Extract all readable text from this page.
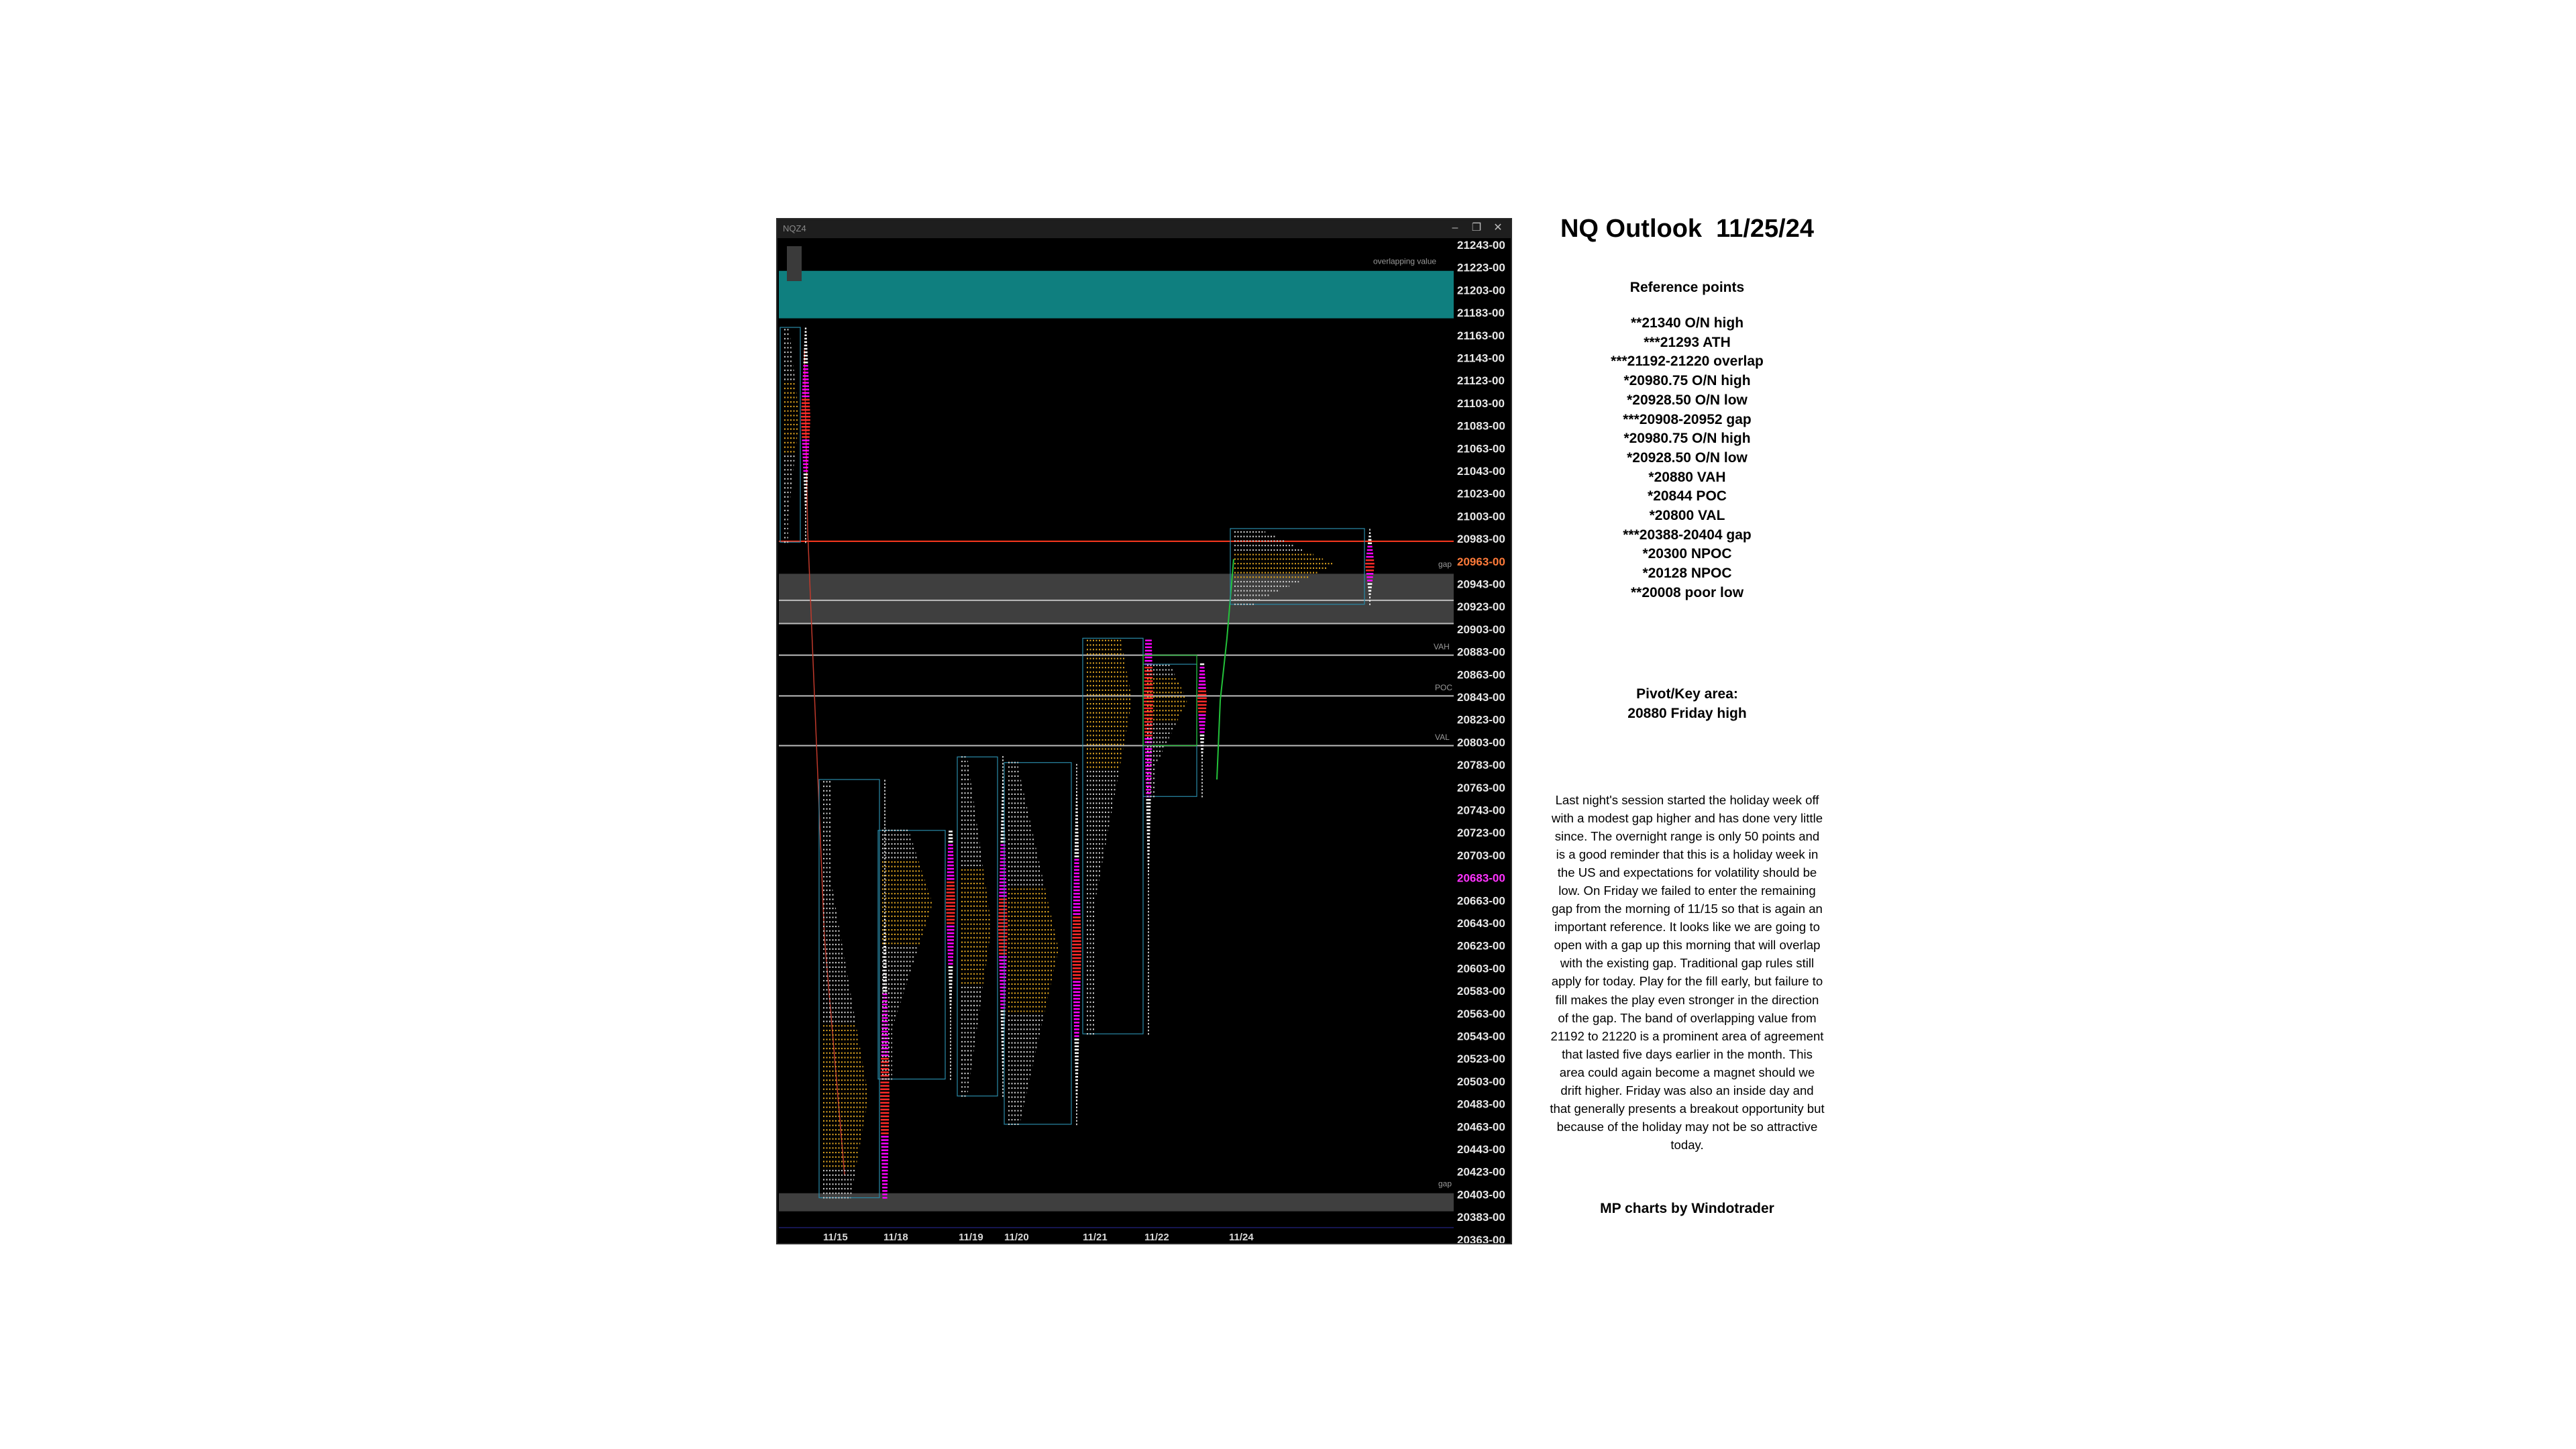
NQZ4	–	❐	✕
21243-00
21223-00
21203-00
21183-00
21163-00
21143-00
21123-00
21103-00
21083-00
21063-00
21043-00
21023-00
21003-00
20983-00
20963-00
20943-00
20923-00
20903-00
20883-00
20863-00
20843-00
20823-00
20803-00
20783-00
20763-00
20743-00
20723-00
20703-00
20683-00
20663-00
20643-00
20623-00
20603-00
20583-00
20563-00
20543-00
20523-00
20503-00
20483-00
20463-00
20443-00
20423-00
20403-00
20383-00
20363-00
overlapping value
gap
VAH
POC
VAL
gap
11/15	11/18	11/19 11/20	11/21	11/22	11/24
NQ Outlook  11/25/24
Reference points
**21340 O/N high
***21293 ATH
***21192-21220 overlap
*20980.75 O/N high
*20928.50 O/N low
***20908-20952 gap
*20980.75 O/N high
*20928.50 O/N low
*20880 VAH
*20844 POC
*20800 VAL
***20388-20404 gap
*20300 NPOC
*20128 NPOC
**20008 poor low
Pivot/Key area:
20880 Friday high
Last night's session started the holiday week off with a modest gap higher and has done very little since. The overnight range is only 50 points and is a good reminder that this is a holiday week in the US and expectations for volatility should be low. On Friday we failed to enter the remaining gap from the morning of 11/15 so that is again an important reference. It looks like we are going to open with a gap up this morning that will overlap with the existing gap. Traditional gap rules still apply for today. Play for the fill early, but failure to fill makes the play even stronger in the direction of the gap. The band of overlapping value from 21192 to 21220 is a prominent area of agreement that lasted five days earlier in the month. This area could again become a magnet should we drift higher. Friday was also an inside day and that generally presents a breakout opportunity but because of the holiday may not be so attractive today.
MP charts by Windotrader
